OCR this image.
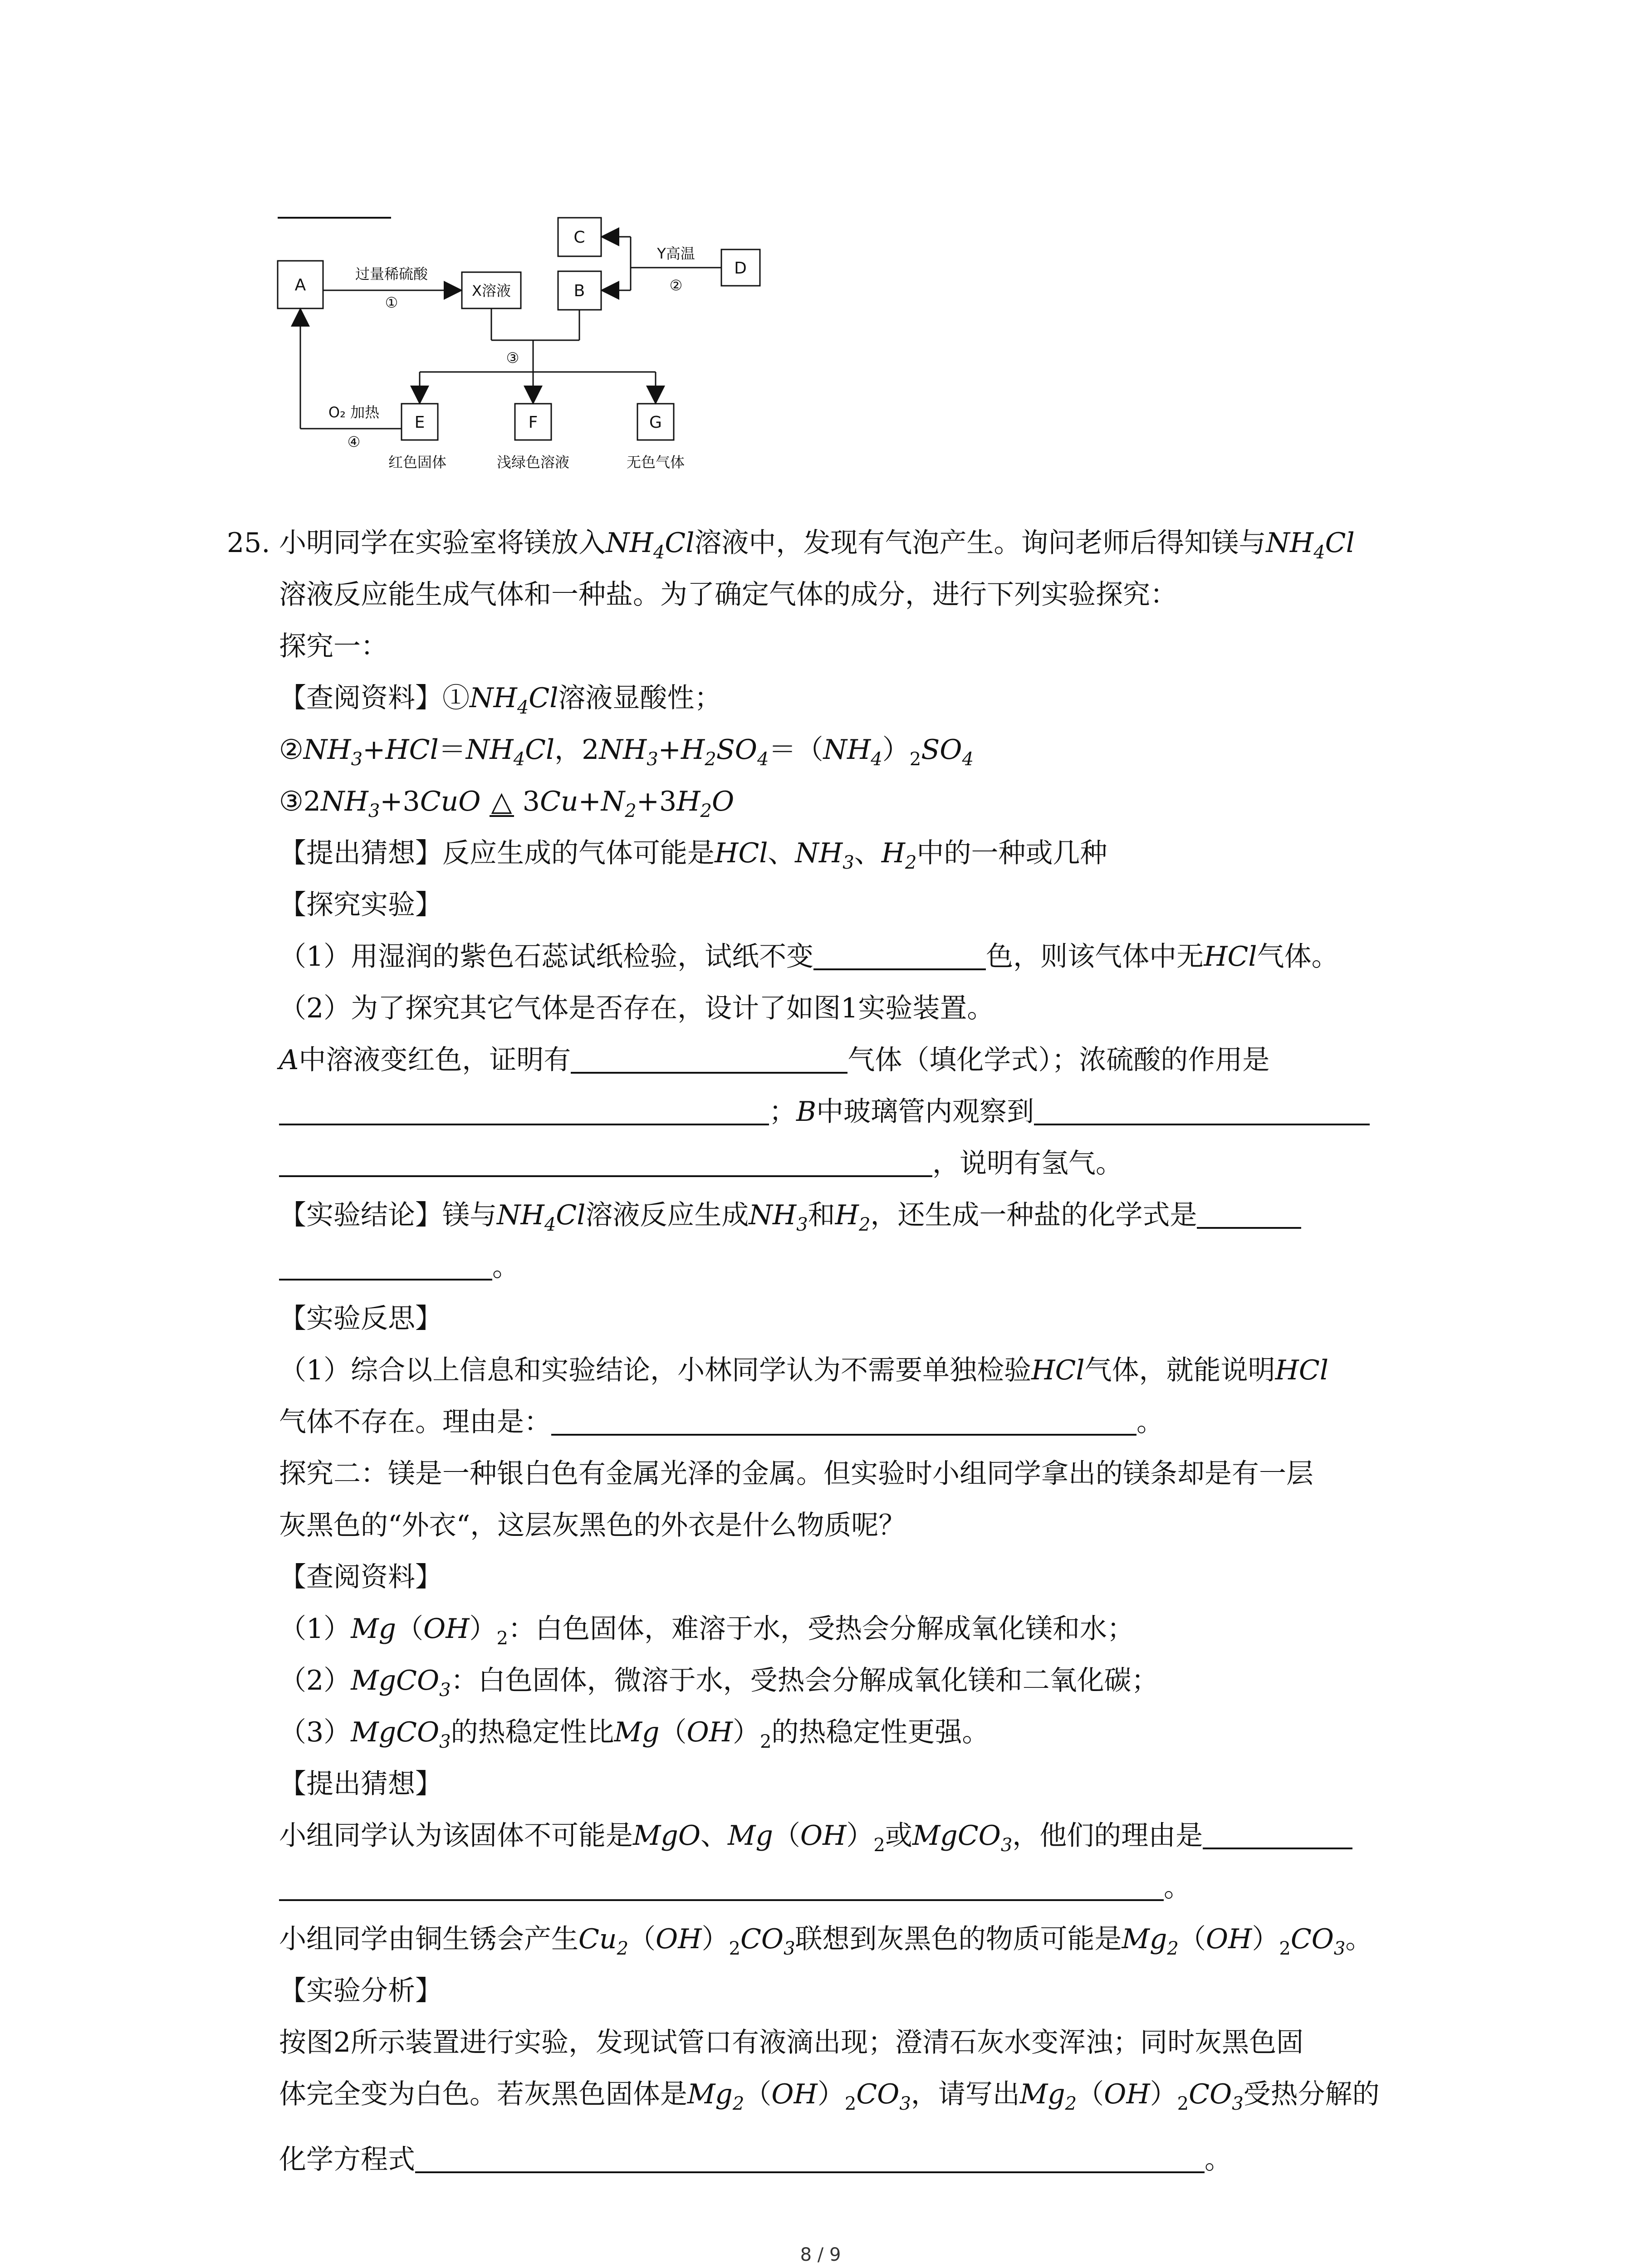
A	X溶液
C
B
D
E	F	G
过量稀硫酸
①
Y高温
②
③
O₂ 加热
④
红色固体	浅绿色溶液	无色气体
25. 小明同学在实验室将镁放入$NH_4Cl$溶液中，发现有气泡产生。询问老师后得知镁与$NH_4Cl$
溶液反应能生成气体和一种盐。为了确定气体的成分，进行下列实验探究：
探究一：
【查阅资料】$①NH_4Cl$溶液显酸性；
$②NH_3+HCl=NH_4Cl$，$2NH_3+H_2SO_4=(NH_4)_2SO_4$
$③2NH_3+3CuO$ △ $3Cu+N_2+3H_2O$
【提出猜想】反应生成的气体可能是HCl、$NH_3$、$H_2$中的一种或几种
【探究实验】
（1）用湿润的紫色石蕊试纸检验，试纸不变	色，则该气体中无HCl气体。
（2）为了探究其它气体是否存在，设计了如图1实验装置。
A中溶液变红色，证明有	气体（填化学式）；浓硫酸的作用是
；B中玻璃管内观察到
，说明有氢气。
【实验结论】镁与$NH_4Cl$溶液反应生成$NH_3$和$H_2$，还生成一种盐的化学式是
。
【实验反思】
（1）综合以上信息和实验结论，小林同学认为不需要单独检验HCl气体，就能说明HCl
气体不存在。理由是：	。
探究二：镁是一种银白色有金属光泽的金属。但实验时小组同学拿出的镁条却是有一层
灰黑色的“外衣“，这层灰黑色的外衣是什么物质呢？
【查阅资料】
$(1)Mg(OH)_2$：白色固体，难溶于水，受热会分解成氧化镁和水；
（2）MgCO$_3$：白色固体，微溶于水，受热会分解成氧化镁和二氧化碳；
（3）MgCO$_3$的热稳定性比$Mg(OH)_2$的热稳定性更强。
【提出猜想】
小组同学认为该固体不可能是MgO、$Mg(OH)_2$或MgCO$_3$，他们的理由是
。
小组同学由铜生锈会产生$Cu_2(OH)_2CO_3$联想到灰黑色的物质可能是$Mg_2(OH)_2CO_3$。
【实验分析】
按图2所示装置进行实验，发现试管口有液滴出现；澄清石灰水变浑浊；同时灰黑色固
体完全变为白色。若灰黑色固体是$Mg_2(OH)_2CO_3$，请写出$Mg_2(OH)_2CO_3$受热分解的
化学方程式	。
8 / 9
